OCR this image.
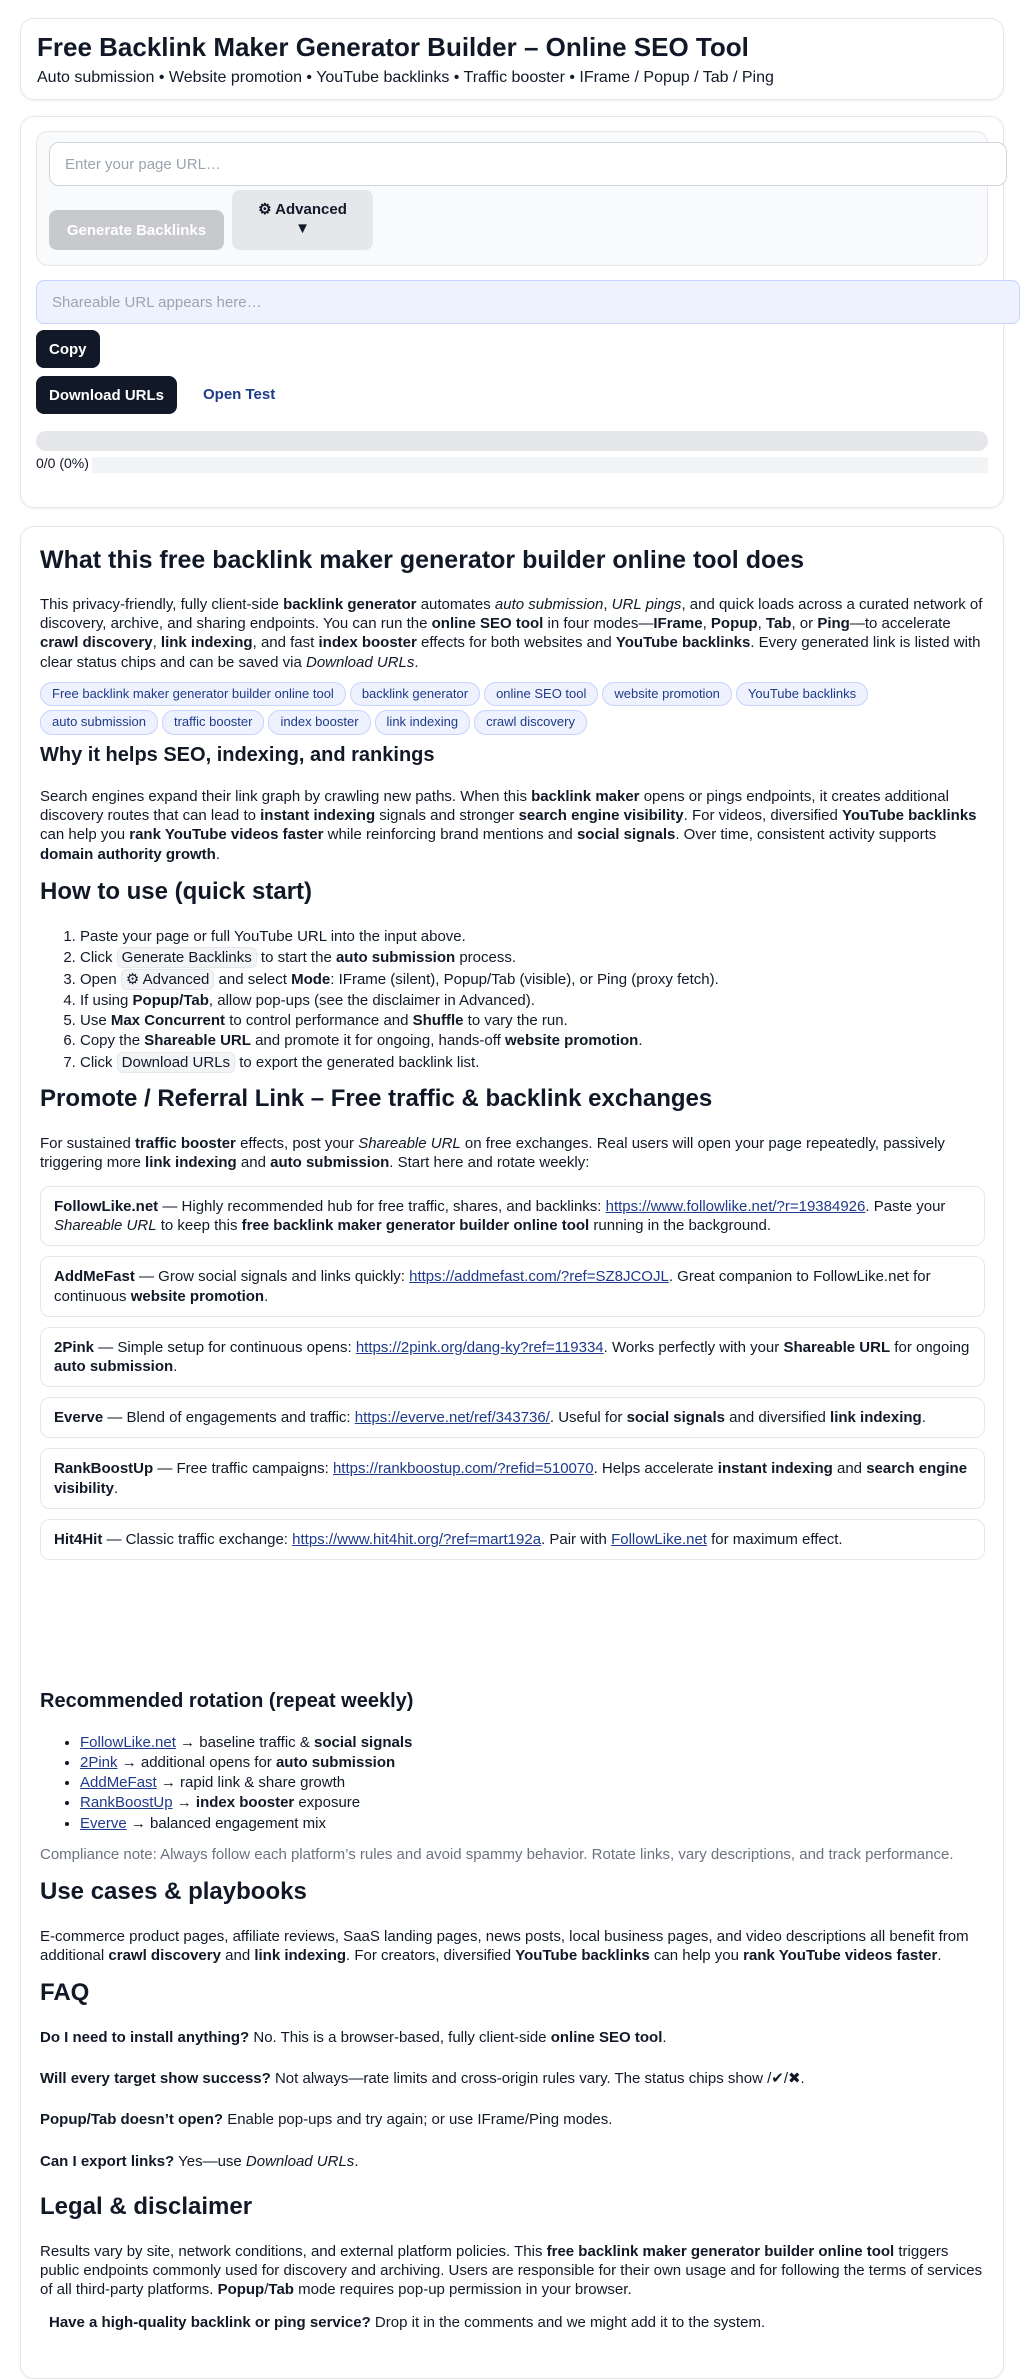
Free Backlink Maker Generator Builder – Online SEO Tool
Auto submission • Website promotion • YouTube backlinks • Traffic booster • IFrame / Popup / Tab / Ping
Enter your page URL…
Generate Backlinks
⚙ Advanced
▼
Shareable URL appears here…
Copy
Download URLs	Open Test
0/0 (0%)
What this free backlink maker generator builder online tool does

This privacy-friendly, fully client-side backlink generator automates auto submission, URL pings, and quick loads across a curated network of discovery, archive, and sharing endpoints. You can run the online SEO tool in four modes—IFrame, Popup, Tab, or Ping—to accelerate crawl discovery, link indexing, and fast index booster effects for both websites and YouTube backlinks. Every generated link is listed with clear status chips and can be saved via Download URLs.

Free backlink maker generator builder online tool	backlink generator	online SEO tool	website promotion	YouTube backlinks
auto submission	traffic booster	index booster	link indexing	crawl discovery
Why it helps SEO, indexing, and rankings

Search engines expand their link graph by crawling new paths. When this backlink maker opens or pings endpoints, it creates additional discovery routes that can lead to instant indexing signals and stronger search engine visibility. For videos, diversified YouTube backlinks can help you rank YouTube videos faster while reinforcing brand mentions and social signals. Over time, consistent activity supports domain authority growth.

How to use (quick start)
1. Paste your page or full YouTube URL into the input above.
2. Click Generate Backlinks to start the auto submission process.
3. Open ⚙ Advanced and select Mode: IFrame (silent), Popup/Tab (visible), or Ping (proxy fetch).
4. If using Popup/Tab, allow pop-ups (see the disclaimer in Advanced).
5. Use Max Concurrent to control performance and Shuffle to vary the run.
6. Copy the Shareable URL and promote it for ongoing, hands-off website promotion.
7. Click Download URLs to export the generated backlink list.
Promote / Referral Link – Free traffic & backlink exchanges

For sustained traffic booster effects, post your Shareable URL on free exchanges. Real users will open your page repeatedly, passively triggering more link indexing and auto submission. Start here and rotate weekly:

FollowLike.net — Highly recommended hub for free traffic, shares, and backlinks: https://www.followlike.net/?r=19384926. Paste your Shareable URL to keep this free backlink maker generator builder online tool running in the background.
AddMeFast — Grow social signals and links quickly: https://addmefast.com/?ref=SZ8JCOJL. Great companion to FollowLike.net for continuous website promotion.
2Pink — Simple setup for continuous opens: https://2pink.org/dang-ky?ref=119334. Works perfectly with your Shareable URL for ongoing auto submission.
Everve — Blend of engagements and traffic: https://everve.net/ref/343736/. Useful for social signals and diversified link indexing.
RankBoostUp — Free traffic campaigns: https://rankboostup.com/?refid=510070. Helps accelerate instant indexing and search engine visibility.
Hit4Hit — Classic traffic exchange: https://www.hit4hit.org/?ref=mart192a. Pair with FollowLike.net for maximum effect.
Recommended rotation (repeat weekly)
• FollowLike.net → baseline traffic & social signals
• 2Pink → additional opens for auto submission
• AddMeFast → rapid link & share growth
• RankBoostUp → index booster exposure
• Everve → balanced engagement mix

Compliance note: Always follow each platform’s rules and avoid spammy behavior. Rotate links, vary descriptions, and track performance.

Use cases & playbooks

E-commerce product pages, affiliate reviews, SaaS landing pages, news posts, local business pages, and video descriptions all benefit from additional crawl discovery and link indexing. For creators, diversified YouTube backlinks can help you rank YouTube videos faster.

FAQ

Do I need to install anything? No. This is a browser-based, fully client-side online SEO tool.

Will every target show success? Not always—rate limits and cross-origin rules vary. The status chips show /✔/✖.

Popup/Tab doesn’t open? Enable pop-ups and try again; or use IFrame/Ping modes.

Can I export links? Yes—use Download URLs.

Legal & disclaimer

Results vary by site, network conditions, and external platform policies. This free backlink maker generator builder online tool triggers public endpoints commonly used for discovery and archiving. Users are responsible for their own usage and for following the terms of services of all third-party platforms. Popup/Tab mode requires pop-up permission in your browser.

Have a high-quality backlink or ping service? Drop it in the comments and we might add it to the system.
